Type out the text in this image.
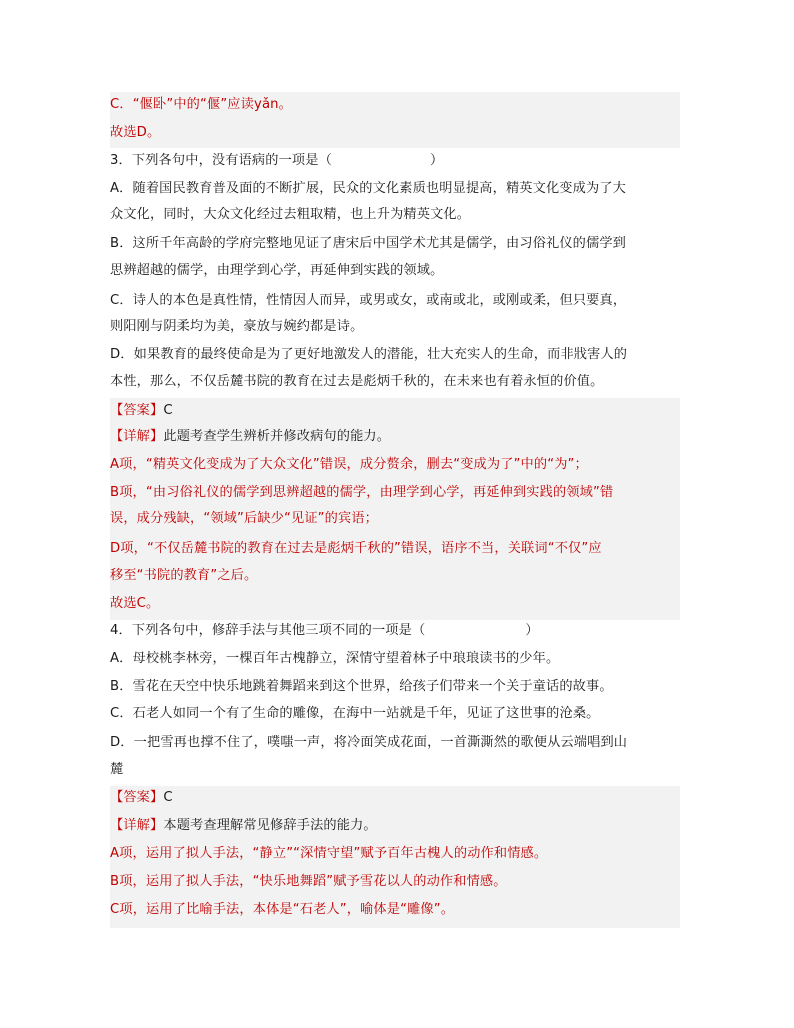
C．“偃卧”中的“偃”应读yǎn。
故选D。
3．下列各句中，没有语病的一项是（	）
A．随着国民教育普及面的不断扩展，民众的文化素质也明显提高，精英文化变成为了大
众文化，同时，大众文化经过去粗取精，也上升为精英文化。
B．这所千年高龄的学府完整地见证了唐宋后中国学术尤其是儒学，由习俗礼仪的儒学到
思辨超越的儒学，由理学到心学，再延伸到实践的领域。
C．诗人的本色是真性情，性情因人而异，或男或女，或南或北，或刚或柔，但只要真，
则阳刚与阴柔均为美，豪放与婉约都是诗。
D．如果教育的最终使命是为了更好地激发人的潜能，壮大充实人的生命，而非戕害人的
本性，那么，不仅岳麓书院的教育在过去是彪炳千秋的，在未来也有着永恒的价值。
【答案】C
【详解】此题考查学生辨析并修改病句的能力。
A项，“精英文化变成为了大众文化”错误，成分赘余，删去“变成为了”中的“为”；
B项，“由习俗礼仪的儒学到思辨超越的儒学，由理学到心学，再延伸到实践的领域”错
误，成分残缺，“领域”后缺少“见证”的宾语；
D项，“不仅岳麓书院的教育在过去是彪炳千秋的”错误，语序不当，关联词“不仅”应
移至“书院的教育”之后。
故选C。
4．下列各句中，修辞手法与其他三项不同的一项是（	）
A．母校桃李林旁，一棵百年古槐静立，深情守望着林子中琅琅读书的少年。
B．雪花在天空中快乐地跳着舞蹈来到这个世界，给孩子们带来一个关于童话的故事。
C．石老人如同一个有了生命的雕像，在海中一站就是千年，见证了这世事的沧桑。
D．一把雪再也撑不住了，噗嗤一声，将冷面笑成花面，一首澌澌然的歌便从云端唱到山
麓
【答案】C
【详解】本题考查理解常见修辞手法的能力。
A项，运用了拟人手法，“静立”“深情守望”赋予百年古槐人的动作和情感。
B项，运用了拟人手法，“快乐地舞蹈”赋予雪花以人的动作和情感。
C项，运用了比喻手法，本体是“石老人”，喻体是“雕像”。
